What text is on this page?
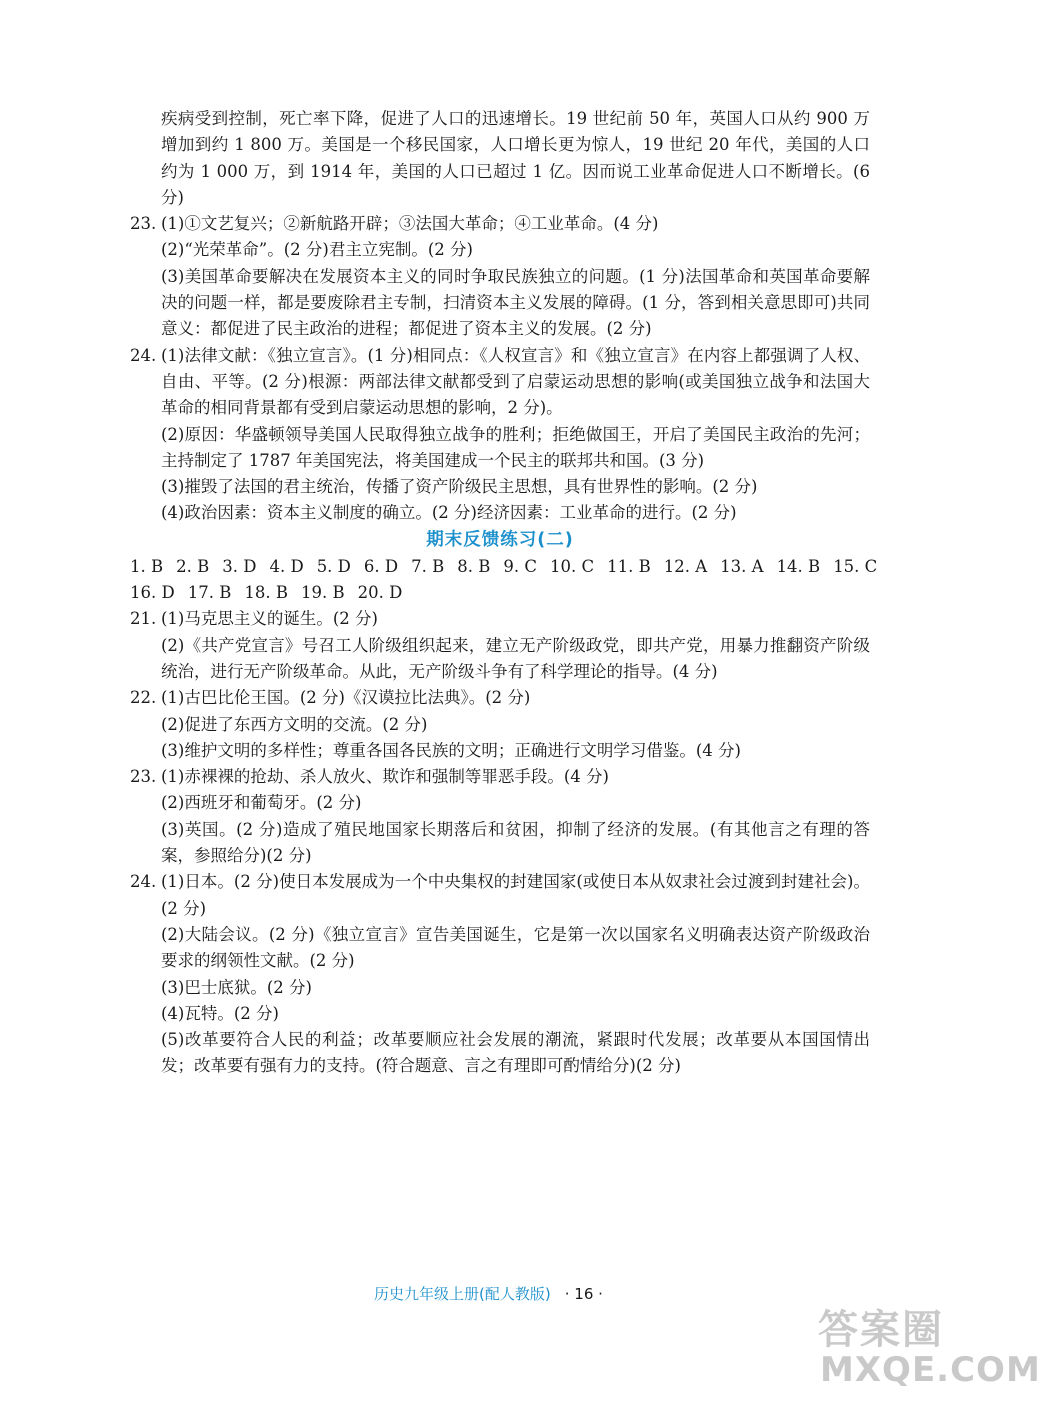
疾病受到控制，死亡率下降，促进了人口的迅速增长。19 世纪前 50 年，英国人口从约 900 万增加到约 1 800 万。美国是一个移民国家，人口增长更为惊人，19 世纪 20 年代，美国的人口约为 1 000 万，到 1914 年，美国的人口已超过 1 亿。因而说工业革命促进人口不断增长。(6 分)

23. (1)①文艺复兴；②新航路开辟；③法国大革命；④工业革命。(4 分)

(2)“光荣革命”。(2 分)君主立宪制。(2 分)

(3)美国革命要解决在发展资本主义的同时争取民族独立的问题。(1 分)法国革命和英国革命要解决的问题一样，都是要废除君主专制，扫清资本主义发展的障碍。(1 分，答到相关意思即可)共同意义：都促进了民主政治的进程；都促进了资本主义的发展。(2 分)

24. (1)法律文献：《独立宣言》。(1 分)相同点：《人权宣言》和《独立宣言》在内容上都强调了人权、自由、平等。(2 分)根源：两部法律文献都受到了启蒙运动思想的影响(或美国独立战争和法国大革命的相同背景都有受到启蒙运动思想的影响，2 分)。

(2)原因：华盛顿领导美国人民取得独立战争的胜利；拒绝做国王，开启了美国民主政治的先河；主持制定了 1787 年美国宪法，将美国建成一个民主的联邦共和国。(3 分)

(3)摧毁了法国的君主统治，传播了资产阶级民主思想，具有世界性的影响。(2 分)

(4)政治因素：资本主义制度的确立。(2 分)经济因素：工业革命的进行。(2 分)

期末反馈练习(二)

1. B 2. B 3. D 4. D 5. D 6. D 7. B 8. B 9. C 10. C 11. B 12. A 13. A 14. B 15. C

16. D 17. B 18. B 19. B 20. D

21. (1)马克思主义的诞生。(2 分)

(2)《共产党宣言》号召工人阶级组织起来，建立无产阶级政党，即共产党，用暴力推翻资产阶级统治，进行无产阶级革命。从此，无产阶级斗争有了科学理论的指导。(4 分)

22. (1)古巴比伦王国。(2 分)《汉谟拉比法典》。(2 分)

(2)促进了东西方文明的交流。(2 分)

(3)维护文明的多样性；尊重各国各民族的文明；正确进行文明学习借鉴。(4 分)

23. (1)赤裸裸的抢劫、杀人放火、欺诈和强制等罪恶手段。(4 分)

(2)西班牙和葡萄牙。(2 分)

(3)英国。(2 分)造成了殖民地国家长期落后和贫困，抑制了经济的发展。(有其他言之有理的答案，参照给分)(2 分)

24. (1)日本。(2 分)使日本发展成为一个中央集权的封建国家(或使日本从奴隶社会过渡到封建社会)。(2 分)

(2)大陆会议。(2 分)《独立宣言》宣告美国诞生，它是第一次以国家名义明确表达资产阶级政治要求的纲领性文献。(2 分)

(3)巴士底狱。(2 分)

(4)瓦特。(2 分)

(5)改革要符合人民的利益；改革要顺应社会发展的潮流，紧跟时代发展；改革要从本国国情出发；改革要有强有力的支持。(符合题意、言之有理即可酌情给分)(2 分)

历史九年级上册(配人教版) · 16 ·
答案圈
MXQE.COM
